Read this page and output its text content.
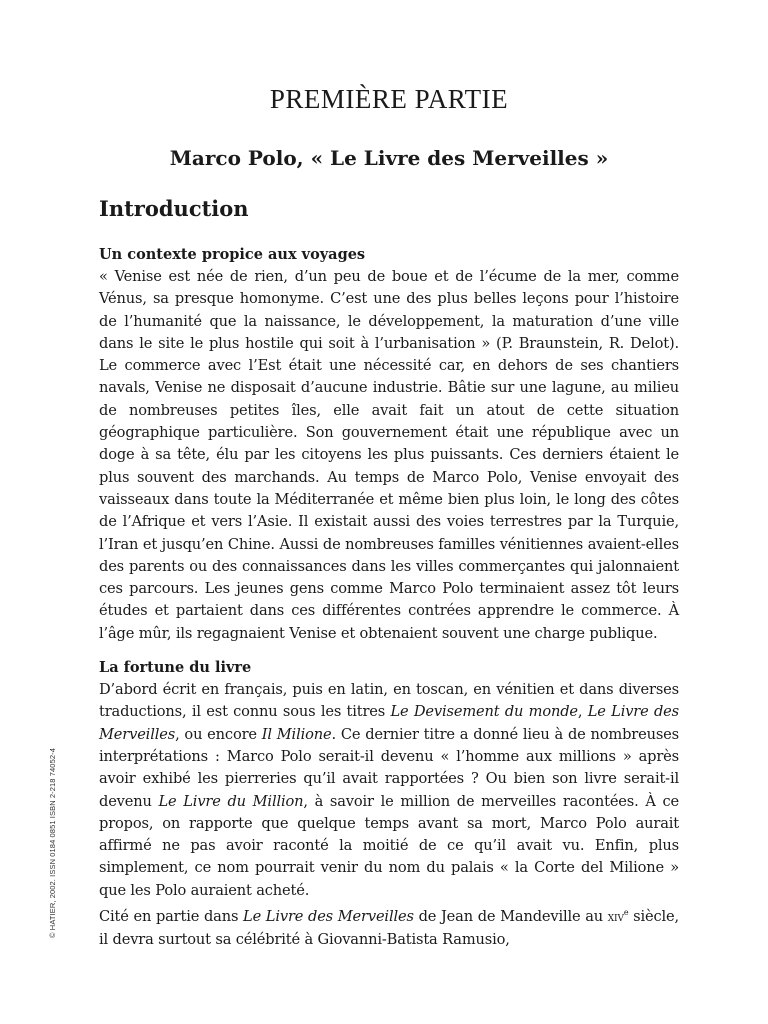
PREMIÈRE PARTIE
Marco Polo, « Le Livre des Merveilles »
Introduction
Un contexte propice aux voyages

« Venise est née de rien, d’un peu de boue et de l’écume de la mer, comme Vénus, sa presque homonyme. C’est une des plus belles leçons pour l’histoire de l’humanité que la naissance, le développement, la maturation d’une ville dans le site le plus hostile qui soit à l’urbanisation » (P. Braunstein, R. Delot). Le commerce avec l’Est était une nécessité car, en dehors de ses chantiers navals, Venise ne disposait d’aucune industrie. Bâtie sur une lagune, au milieu de nombreuses petites îles, elle avait fait un atout de cette situation géographique particulière. Son gouvernement était une république avec un doge à sa tête, élu par les citoyens les plus puissants. Ces derniers étaient le plus souvent des marchands. Au temps de Marco Polo, Venise envoyait des vaisseaux dans toute la Méditerranée et même bien plus loin, le long des côtes de l’Afrique et vers l’Asie. Il existait aussi des voies terrestres par la Turquie, l’Iran et jusqu’en Chine. Aussi de nombreuses familles vénitiennes avaient-elles des parents ou des connaissances dans les villes commerçantes qui jalonnaient ces parcours. Les jeunes gens comme Marco Polo terminaient assez tôt leurs études et partaient dans ces différentes contrées apprendre le commerce. À l’âge mûr, ils regagnaient Venise et obtenaient souvent une charge publique.

La fortune du livre

D’abord écrit en français, puis en latin, en toscan, en vénitien et dans diverses traductions, il est connu sous les titres Le Devisement du monde, Le Livre des Merveilles, ou encore Il Milione. Ce dernier titre a donné lieu à de nombreuses interprétations : Marco Polo serait-il devenu « l’homme aux millions » après avoir exhibé les pierreries qu’il avait rapportées ? Ou bien son livre serait-il devenu Le Livre du Million, à savoir le million de merveilles racontées. À ce propos, on rapporte que quelque temps avant sa mort, Marco Polo aurait affirmé ne pas avoir raconté la moitié de ce qu’il avait vu. Enfin, plus simplement, ce nom pourrait venir du nom du palais « la Corte del Milione » que les Polo auraient acheté.

Cité en partie dans Le Livre des Merveilles de Jean de Mandeville au xiv$^e$ siècle, il devra surtout sa célébrité à Giovanni-Batista Ramusio,

© HATIER, 2002. ISSN 0184 0851 ISBN 2-218 74052-4
